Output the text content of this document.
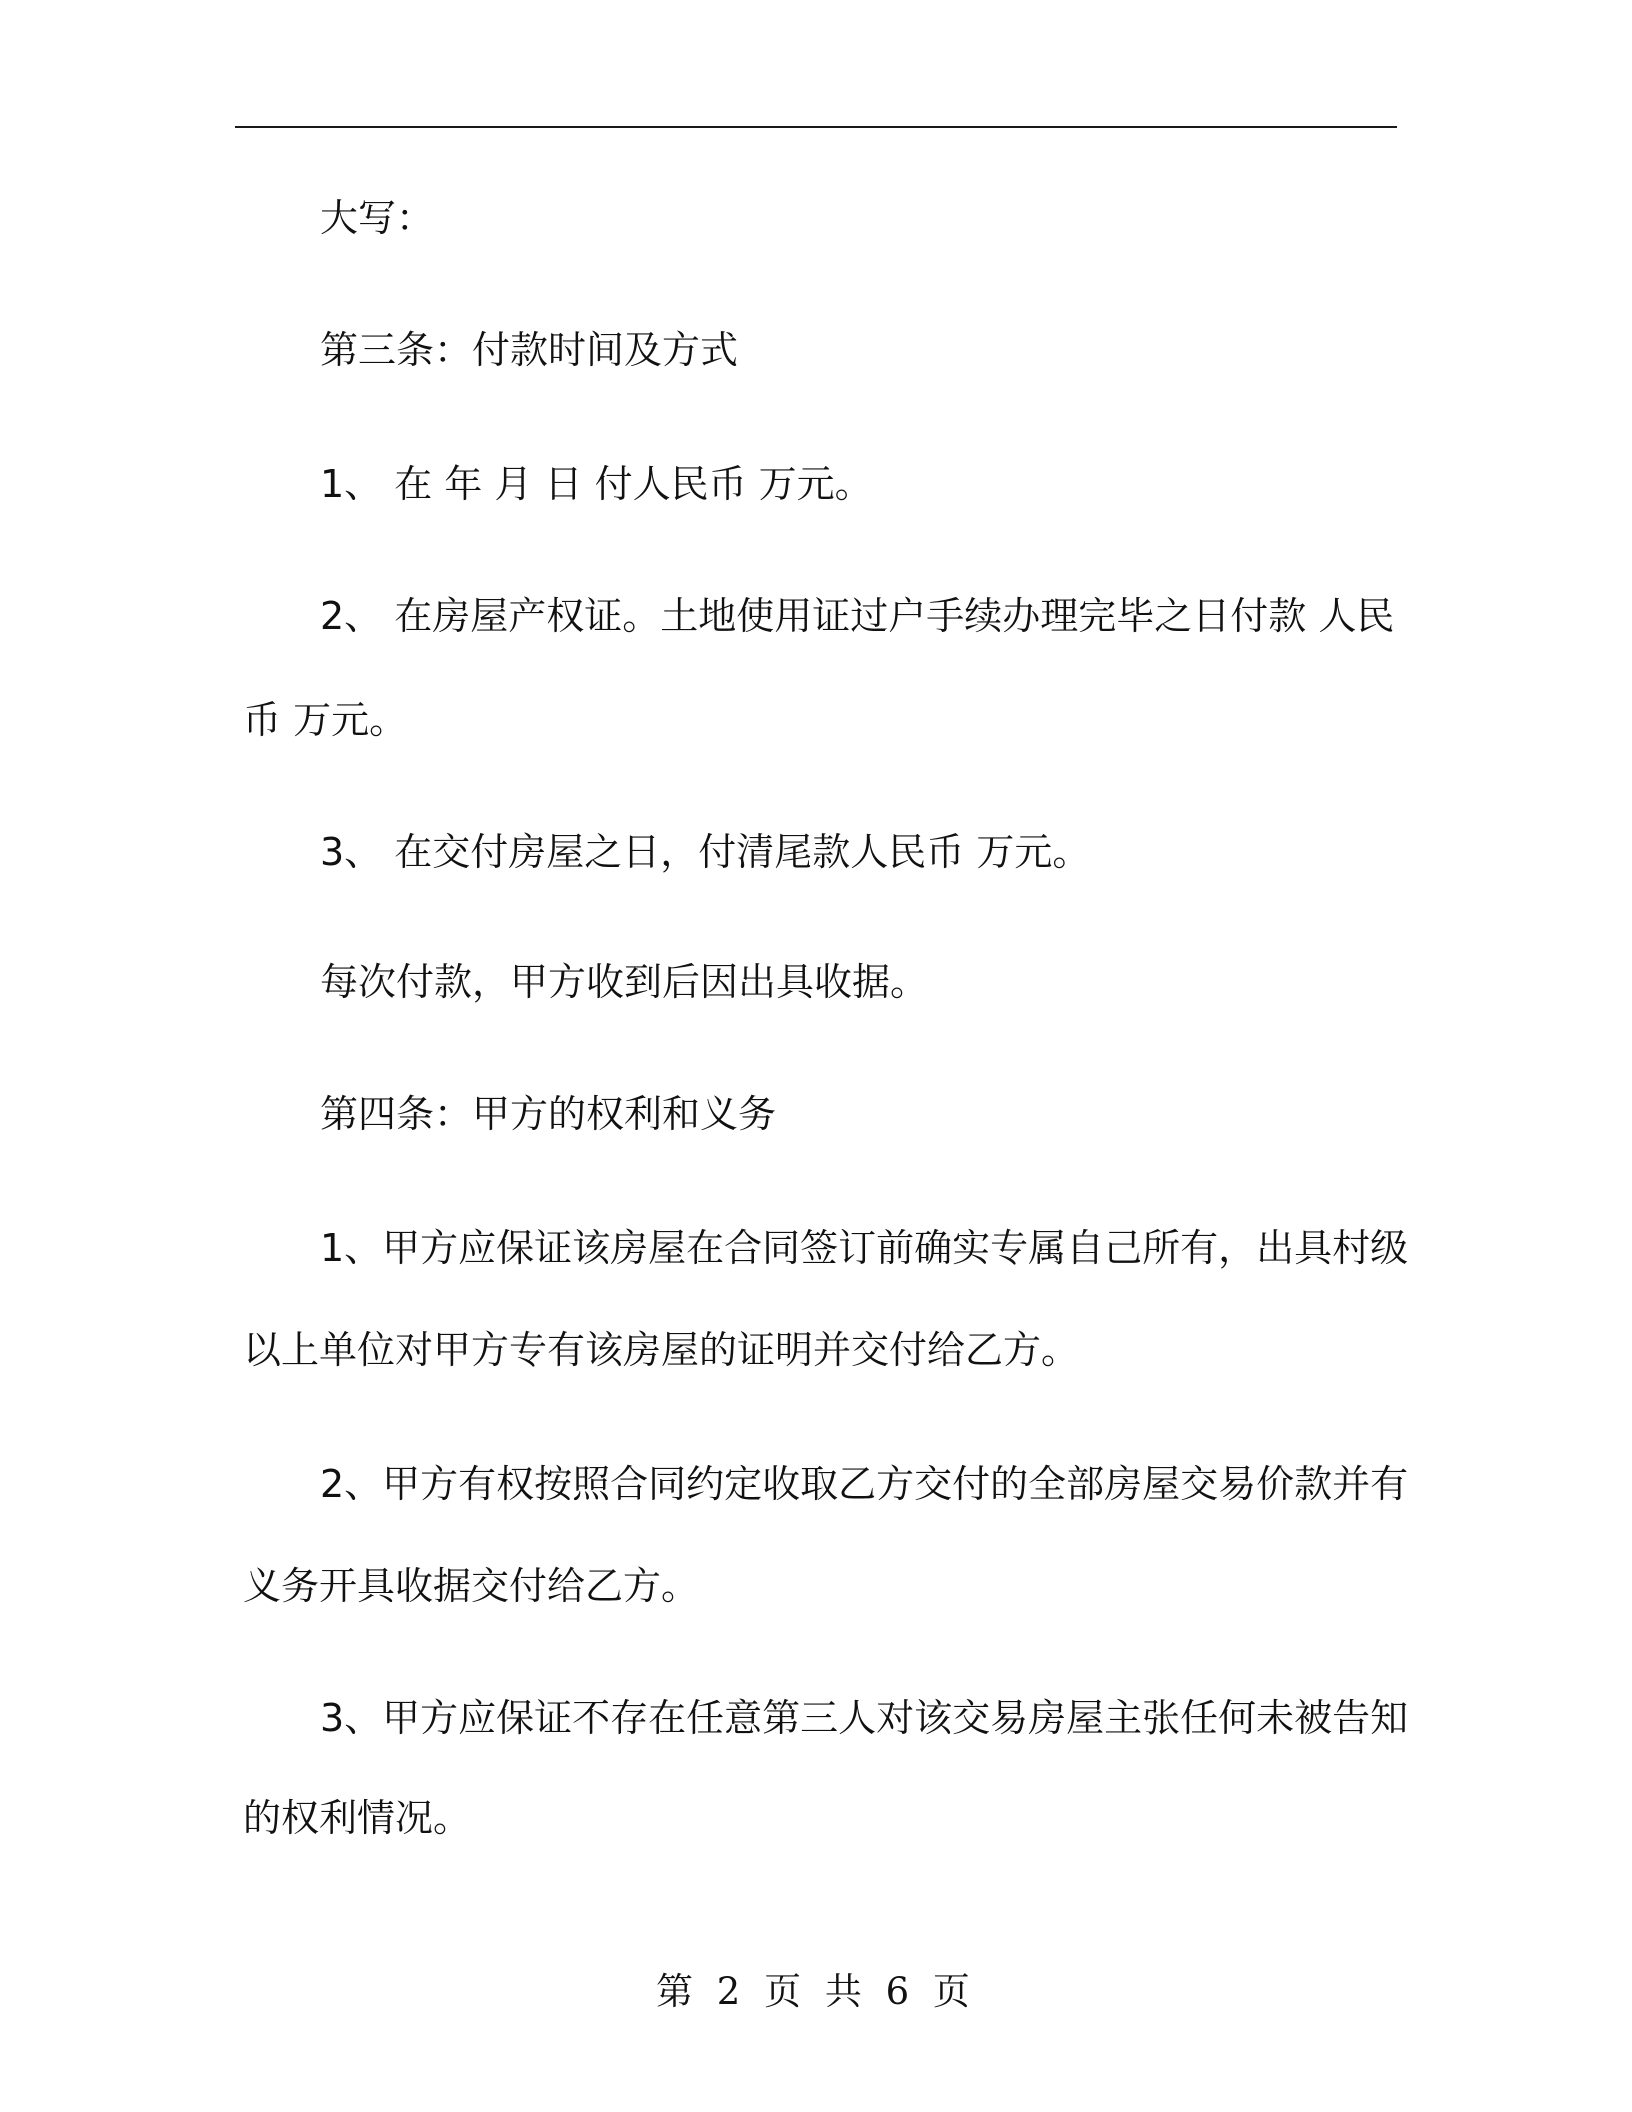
大写：
第三条：付款时间及方式
1、 在 年 月 日 付人民币 万元。
2、 在房屋产权证。土地使用证过户手续办理完毕之日付款 人民
币 万元。
3、 在交付房屋之日，付清尾款人民币 万元。
每次付款，甲方收到后因出具收据。
第四条：甲方的权利和义务
1、甲方应保证该房屋在合同签订前确实专属自己所有，出具村级
以上单位对甲方专有该房屋的证明并交付给乙方。
2、甲方有权按照合同约定收取乙方交付的全部房屋交易价款并有
义务开具收据交付给乙方。
3、甲方应保证不存在任意第三人对该交易房屋主张任何未被告知
的权利情况。
第 2 页 共 6 页
